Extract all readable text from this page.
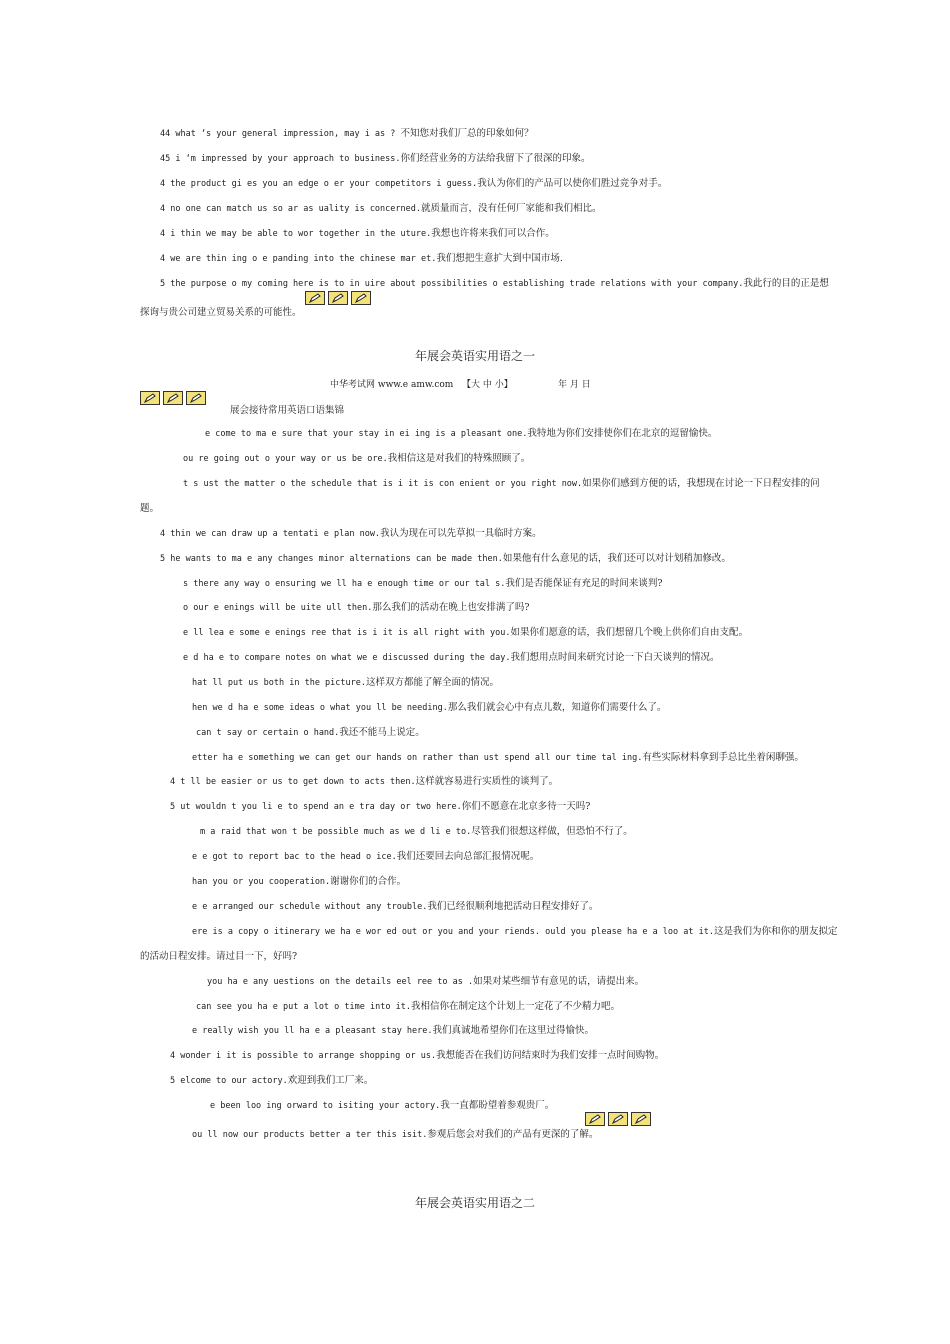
44 what ‘s your general impression, may i as ? 不知您对我们厂总的印象如何？
45 i ‘m impressed by your approach to business.你们经营业务的方法给我留下了很深的印象。
4 the product gi es you an edge o er your competitors i guess.我认为你们的产品可以使你们胜过竞争对手。
4 no one can match us so ar as uality is concerned.就质量而言，没有任何厂家能和我们相比。
4 i thin we may be able to wor together in the uture.我想也许将来我们可以合作。
4 we are thin ing o e panding into the chinese mar et.我们想把生意扩大到中国市场.
5 the purpose o my coming here is to in uire about possibilities o establishing trade relations with your company.我此行的目的正是想
探询与贵公司建立贸易关系的可能性。
年展会英语实用语之一
中华考试网 www.e amw.com 【大 中 小】	年 月 日
展会接待常用英语口语集锦
e come to ma e sure that your stay in ei ing is a pleasant one.我特地为你们安排使你们在北京的逗留愉快。
ou re going out o your way or us be ore.我相信这是对我们的特殊照顾了。
t s ust the matter o the schedule that is i it is con enient or you right now.如果你们感到方便的话，我想现在讨论一下日程安排的问
题。
4 thin we can draw up a tentati e plan now.我认为现在可以先草拟一具临时方案。
5 he wants to ma e any changes minor alternations can be made then.如果他有什么意见的话，我们还可以对计划稍加修改。
s there any way o ensuring we ll ha e enough time or our tal s.我们是否能保证有充足的时间来谈判?
o our e enings will be uite ull then.那么我们的活动在晚上也安排满了吗?
e ll lea e some e enings ree that is i it is all right with you.如果你们愿意的话，我们想留几个晚上供你们自由支配。
e d ha e to compare notes on what we e discussed during the day.我们想用点时间来研究讨论一下白天谈判的情况。
hat ll put us both in the picture.这样双方都能了解全面的情况。
hen we d ha e some ideas o what you ll be needing.那么我们就会心中有点儿数，知道你们需要什么了。
can t say or certain o hand.我还不能马上说定。
etter ha e something we can get our hands on rather than ust spend all our time tal ing.有些实际材料拿到手总比坐着闲聊强。
4 t ll be easier or us to get down to acts then.这样就容易进行实质性的谈判了。
5 ut wouldn t you li e to spend an e tra day or two here.你们不愿意在北京多待一天吗?
m a raid that won t be possible much as we d li e to.尽管我们很想这样做，但恐怕不行了。
e e got to report bac to the head o ice.我们还要回去向总部汇报情况呢。
han you or you cooperation.谢谢你们的合作。
e e arranged our schedule without any trouble.我们已经很顺利地把活动日程安排好了。
ere is a copy o itinerary we ha e wor ed out or you and your riends. ould you please ha e a loo at it.这是我们为你和你的朋友拟定
的活动日程安排。请过目一下，好吗?
you ha e any uestions on the details eel ree to as .如果对某些细节有意见的话，请提出来。
can see you ha e put a lot o time into it.我相信你在制定这个计划上一定花了不少精力吧。
e really wish you ll ha e a pleasant stay here.我们真诚地希望你们在这里过得愉快。
4 wonder i it is possible to arrange shopping or us.我想能否在我们访问结束时为我们安排一点时间购物。
5 elcome to our actory.欢迎到我们工厂来。
e been loo ing orward to isiting your actory.我一直都盼望着参观贵厂。
ou ll now our products better a ter this isit.参观后您会对我们的产品有更深的了解。
年展会英语实用语之二
